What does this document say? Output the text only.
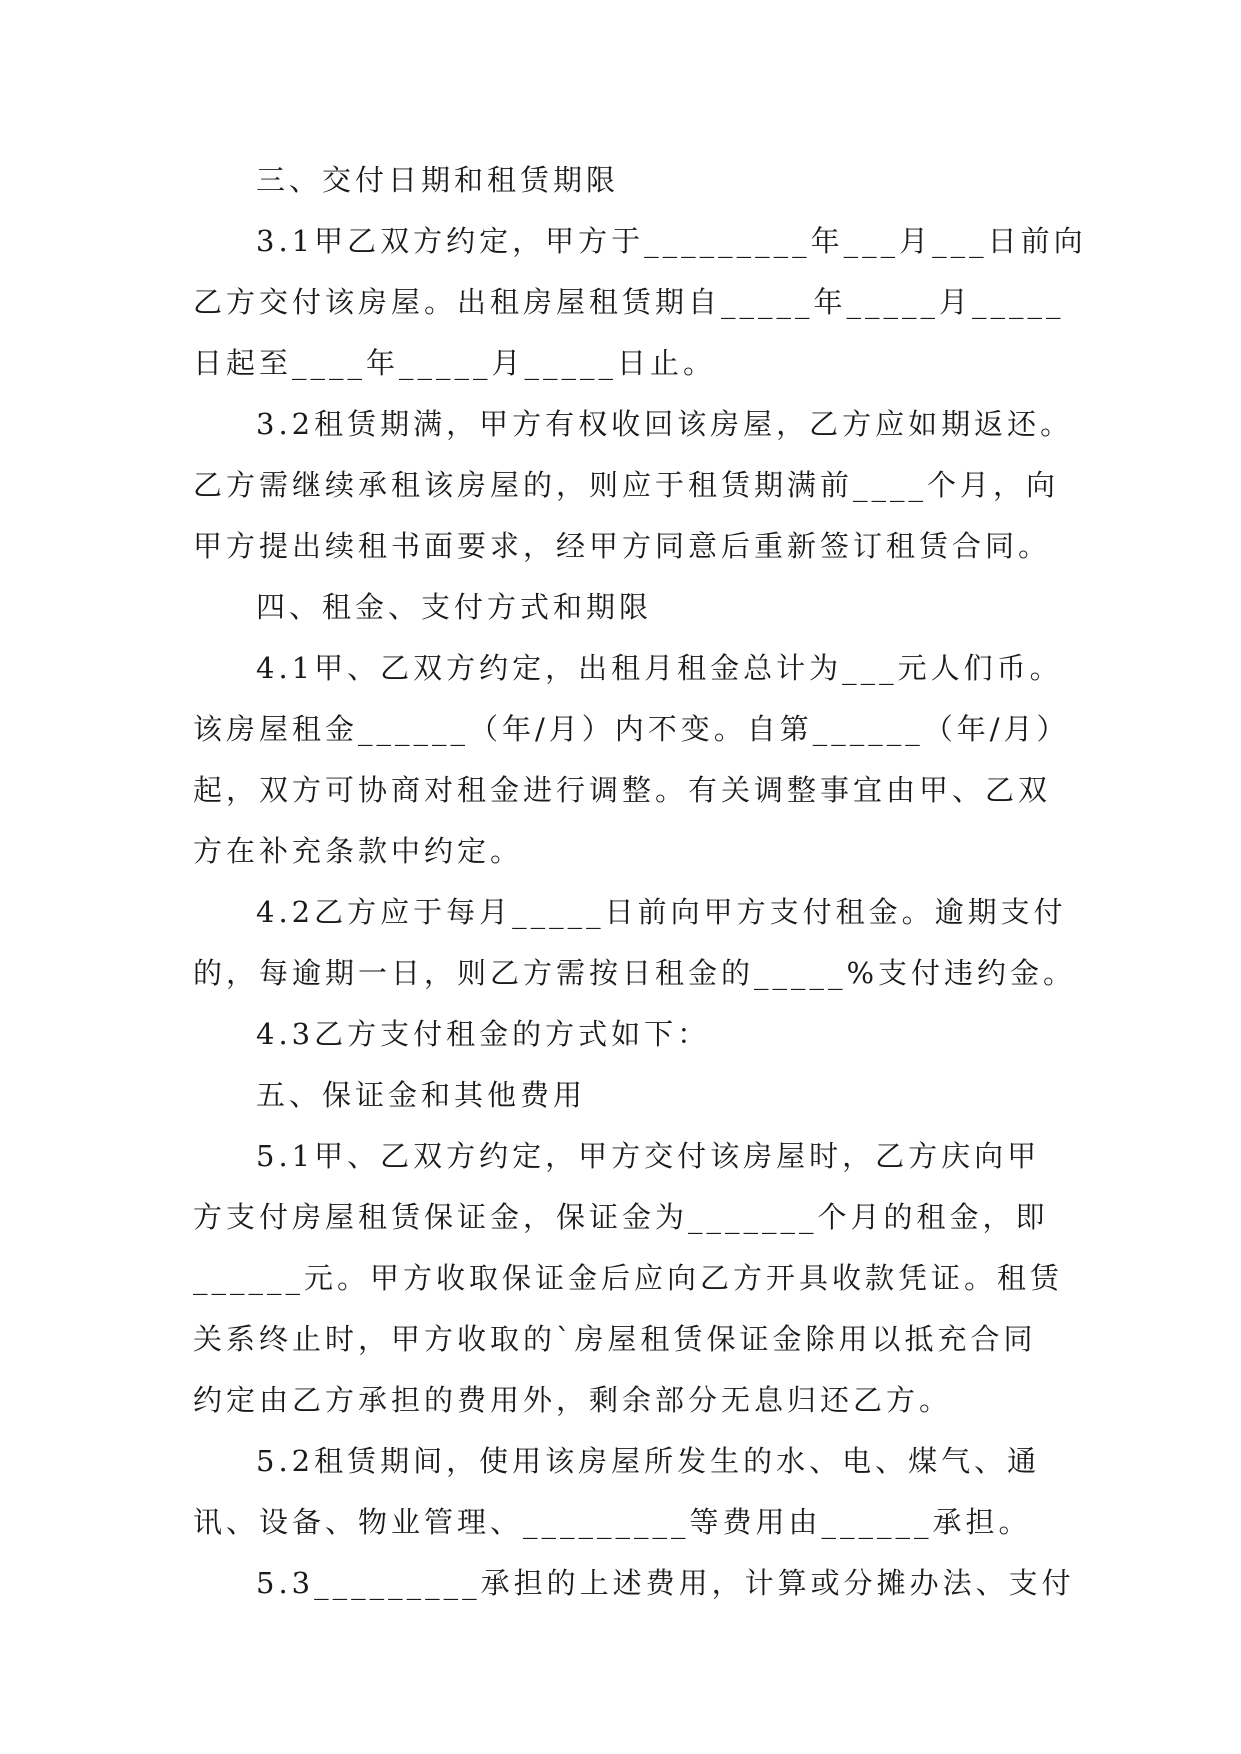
三、交付日期和租赁期限
3.1甲乙双方约定，甲方于_________年___月___日前向
乙方交付该房屋。出租房屋租赁期自_____年_____月_____
日起至____年_____月_____日止。
3.2租赁期满，甲方有权收回该房屋，乙方应如期返还。
乙方需继续承租该房屋的，则应于租赁期满前____个月，向
甲方提出续租书面要求，经甲方同意后重新签订租赁合同。
四、租金、支付方式和期限
4.1甲、乙双方约定，出租月租金总计为___元人们币。
该房屋租金______（年/月）内不变。自第______（年/月）
起，双方可协商对租金进行调整。有关调整事宜由甲、乙双
方在补充条款中约定。
4.2乙方应于每月_____日前向甲方支付租金。逾期支付
的，每逾期一日，则乙方需按日租金的_____%支付违约金。
4.3乙方支付租金的方式如下：
五、保证金和其他费用
5.1甲、乙双方约定，甲方交付该房屋时，乙方庆向甲
方支付房屋租赁保证金，保证金为_______个月的租金，即
______元。甲方收取保证金后应向乙方开具收款凭证。租赁
关系终止时，甲方收取的`房屋租赁保证金除用以抵充合同
约定由乙方承担的费用外，剩余部分无息归还乙方。
5.2租赁期间，使用该房屋所发生的水、电、煤气、通
讯、设备、物业管理、_________等费用由______承担。
5.3_________承担的上述费用，计算或分摊办法、支付
